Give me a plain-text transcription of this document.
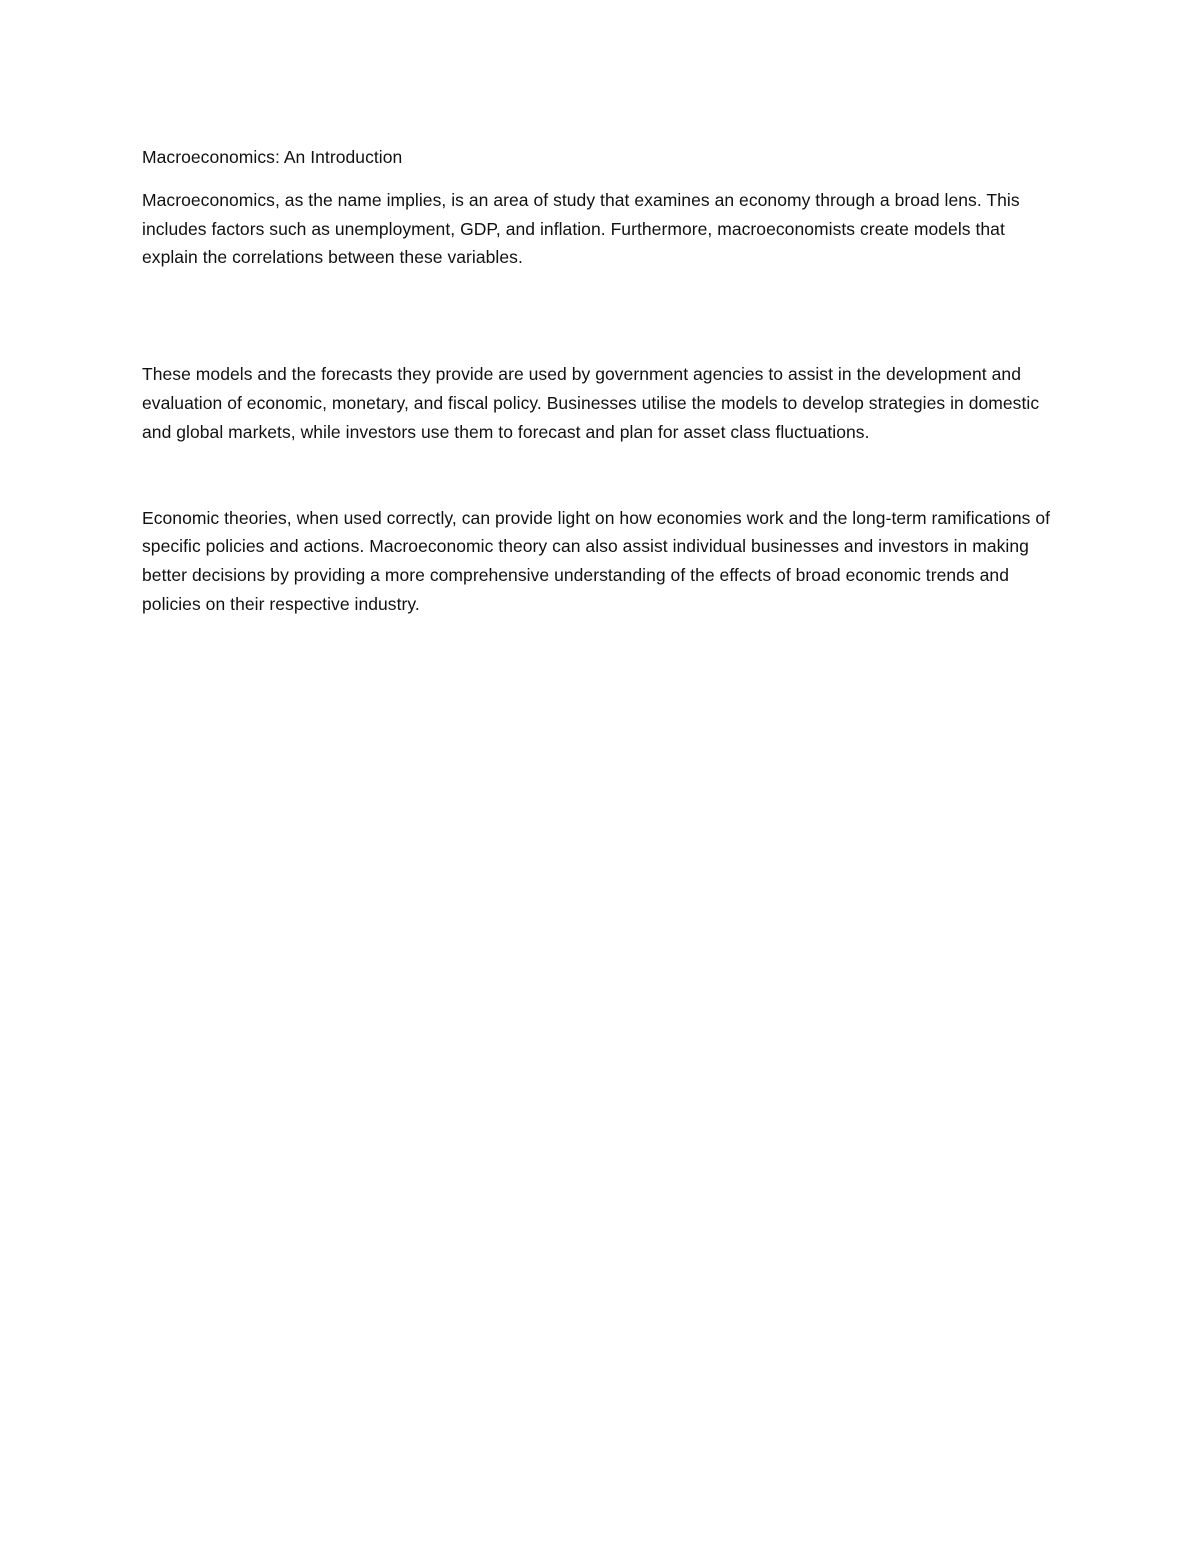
Macroeconomics: An Introduction

Macroeconomics, as the name implies, is an area of study that examines an economy through a broad lens. This includes factors such as unemployment, GDP, and inflation. Furthermore, macroeconomists create models that explain the correlations between these variables.

These models and the forecasts they provide are used by government agencies to assist in the development and evaluation of economic, monetary, and fiscal policy. Businesses utilise the models to develop strategies in domestic and global markets, while investors use them to forecast and plan for asset class fluctuations.

Economic theories, when used correctly, can provide light on how economies work and the long-term ramifications of specific policies and actions. Macroeconomic theory can also assist individual businesses and investors in making better decisions by providing a more comprehensive understanding of the effects of broad economic trends and policies on their respective industry.
